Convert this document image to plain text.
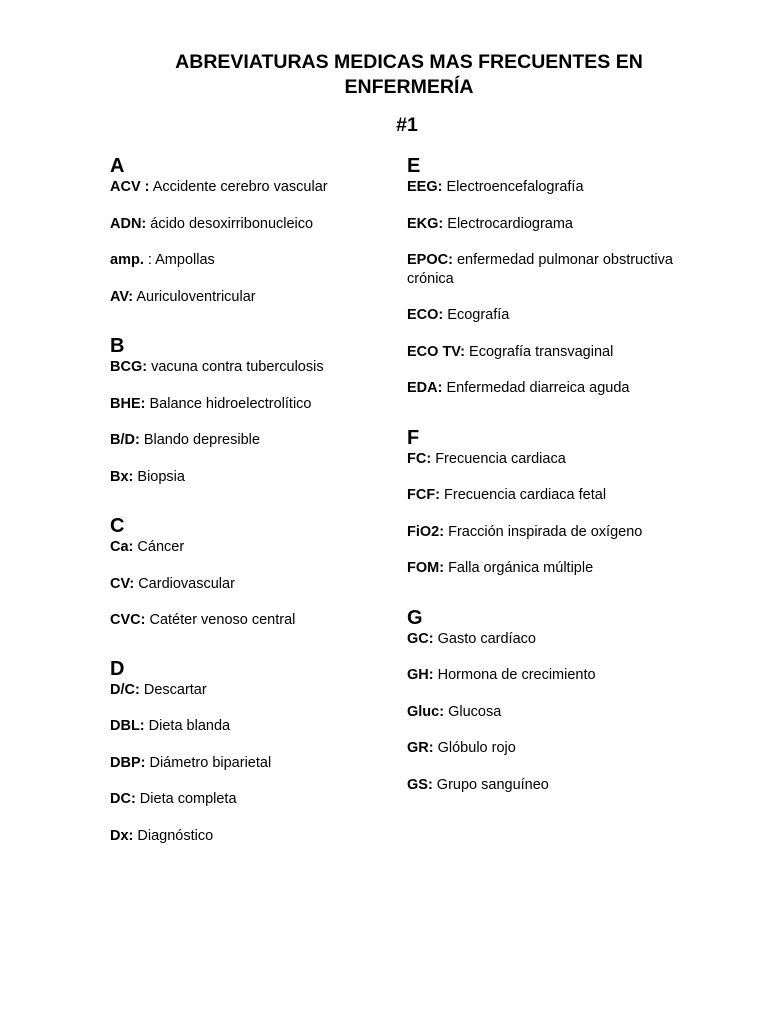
ABREVIATURAS MEDICAS MAS FRECUENTES EN
ENFERMERÍA
#1
A
ACV : Accidente cerebro vascular
ADN: ácido desoxirribonucleico
amp. : Ampollas
AV: Auriculoventricular
B
BCG: vacuna contra tuberculosis
BHE: Balance hidroelectrolítico
B/D: Blando depresible
Bx: Biopsia
C
Ca: Cáncer
CV: Cardiovascular
CVC: Catéter venoso central
D
D/C: Descartar
DBL: Dieta blanda
DBP: Diámetro biparietal
DC: Dieta completa
Dx: Diagnóstico
E
EEG: Electroencefalografía
EKG: Electrocardiograma
EPOC: enfermedad pulmonar obstructiva crónica
ECO: Ecografía
ECO TV: Ecografía transvaginal
EDA: Enfermedad diarreica aguda
F
FC: Frecuencia cardiaca
FCF: Frecuencia cardiaca fetal
FiO2: Fracción inspirada de oxígeno
FOM: Falla orgánica múltiple
G
GC: Gasto cardíaco
GH: Hormona de crecimiento
Gluc: Glucosa
GR: Glóbulo rojo
GS: Grupo sanguíneo
